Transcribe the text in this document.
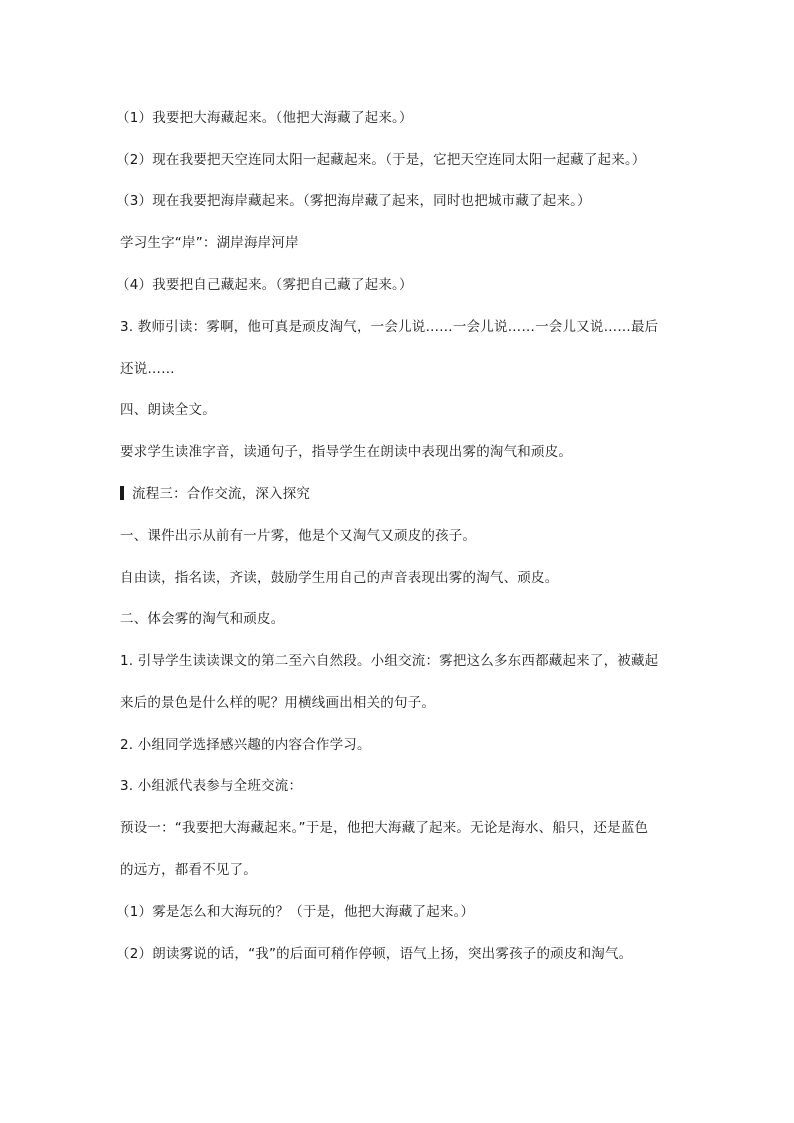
（1）我要把大海藏起来。（他把大海藏了起来。）
（2）现在我要把天空连同太阳一起藏起来。（于是，它把天空连同太阳一起藏了起来。）
（3）现在我要把海岸藏起来。（雾把海岸藏了起来，同时也把城市藏了起来。）
学习生字“岸”：湖岸海岸河岸
（4）我要把自己藏起来。（雾把自己藏了起来。）
3. 教师引读：雾啊，他可真是顽皮淘气，一会儿说……一会儿说……一会儿又说……最后
还说……
四、朗读全文。
要求学生读准字音，读通句子，指导学生在朗读中表现出雾的淘气和顽皮。
流程三：合作交流，深入探究
一、课件出示从前有一片雾，他是个又淘气又顽皮的孩子。
自由读，指名读，齐读，鼓励学生用自己的声音表现出雾的淘气、顽皮。
二、体会雾的淘气和顽皮。
1. 引导学生读读课文的第二至六自然段。小组交流：雾把这么多东西都藏起来了，被藏起
来后的景色是什么样的呢？用横线画出相关的句子。
2. 小组同学选择感兴趣的内容合作学习。
3. 小组派代表参与全班交流：
预设一：“我要把大海藏起来。”于是，他把大海藏了起来。无论是海水、船只，还是蓝色
的远方，都看不见了。
（1）雾是怎么和大海玩的？（于是，他把大海藏了起来。）
（2）朗读雾说的话，“我”的后面可稍作停顿，语气上扬，突出雾孩子的顽皮和淘气。
